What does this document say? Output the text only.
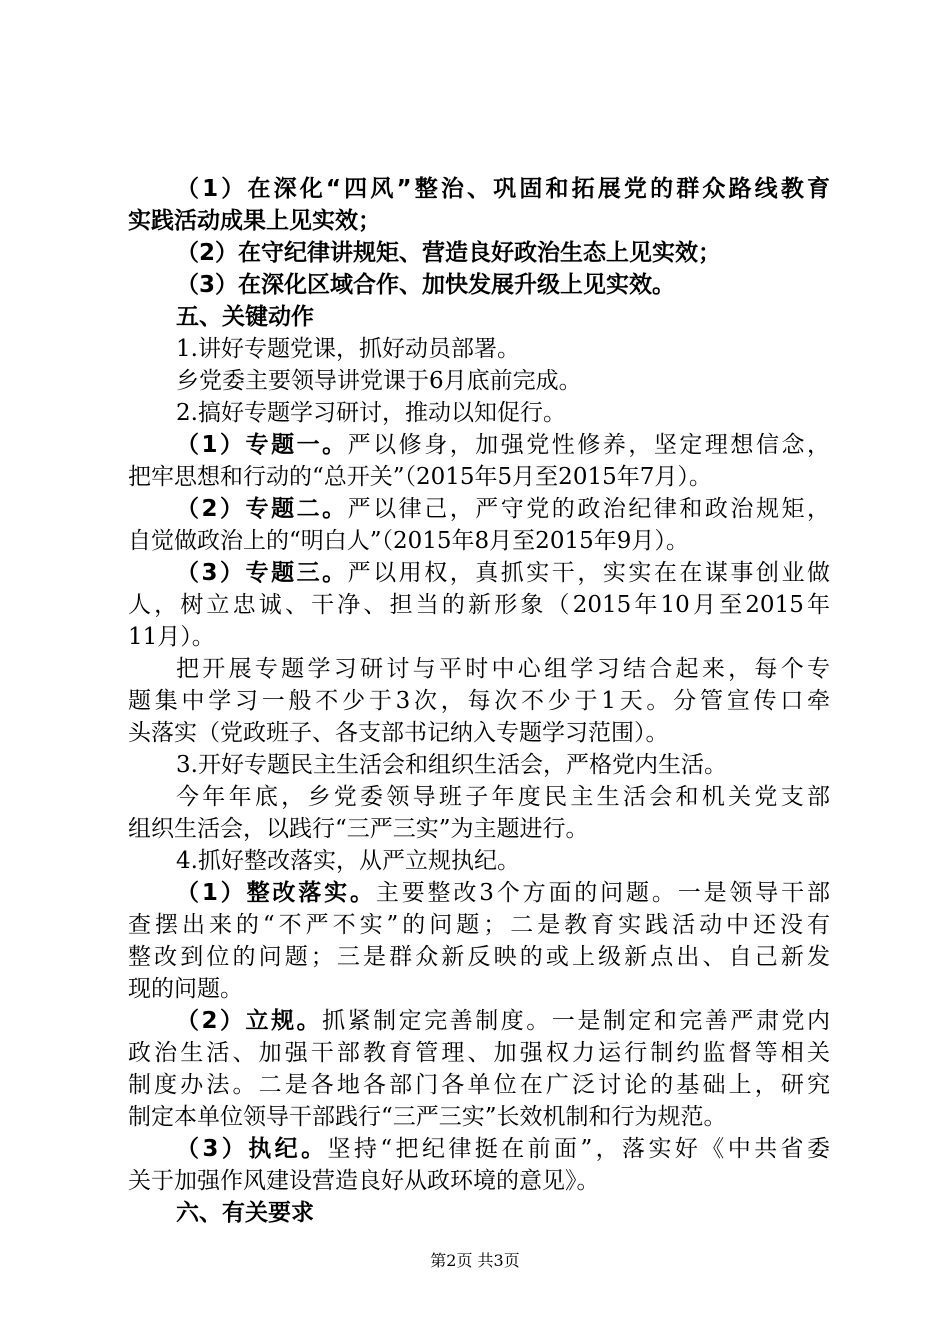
（1）在深化“四风”整治、巩固和拓展党的群众路线教育
实践活动成果上见实效；
（2）在守纪律讲规矩、营造良好政治生态上见实效；
（3）在深化区域合作、加快发展升级上见实效。
五、关键动作
1.讲好专题党课，抓好动员部署。
乡党委主要领导讲党课于6月底前完成。
2.搞好专题学习研讨，推动以知促行。
（1）专题一。严以修身，加强党性修养，坚定理想信念，
把牢思想和行动的“总开关”（2015年5月至2015年7月）。
（2）专题二。严以律己，严守党的政治纪律和政治规矩，
自觉做政治上的“明白人”（2015年8月至2015年9月）。
（3）专题三。严以用权，真抓实干，实实在在谋事创业做
人，树立忠诚、干净、担当的新形象（2015年10月至2015年
11月）。
把开展专题学习研讨与平时中心组学习结合起来，每个专
题集中学习一般不少于3次，每次不少于1天。分管宣传口牵
头落实（党政班子、各支部书记纳入专题学习范围）。
3.开好专题民主生活会和组织生活会，严格党内生活。
今年年底，乡党委领导班子年度民主生活会和机关党支部
组织生活会，以践行“三严三实”为主题进行。
4.抓好整改落实，从严立规执纪。
（1）整改落实。主要整改3个方面的问题。一是领导干部
查摆出来的“不严不实”的问题；二是教育实践活动中还没有
整改到位的问题；三是群众新反映的或上级新点出、自己新发
现的问题。
（2）立规。抓紧制定完善制度。一是制定和完善严肃党内
政治生活、加强干部教育管理、加强权力运行制约监督等相关
制度办法。二是各地各部门各单位在广泛讨论的基础上，研究
制定本单位领导干部践行“三严三实”长效机制和行为规范。
（3）执纪。坚持“把纪律挺在前面”，落实好《中共省委
关于加强作风建设营造良好从政环境的意见》。
六、有关要求
第2页 共3页
